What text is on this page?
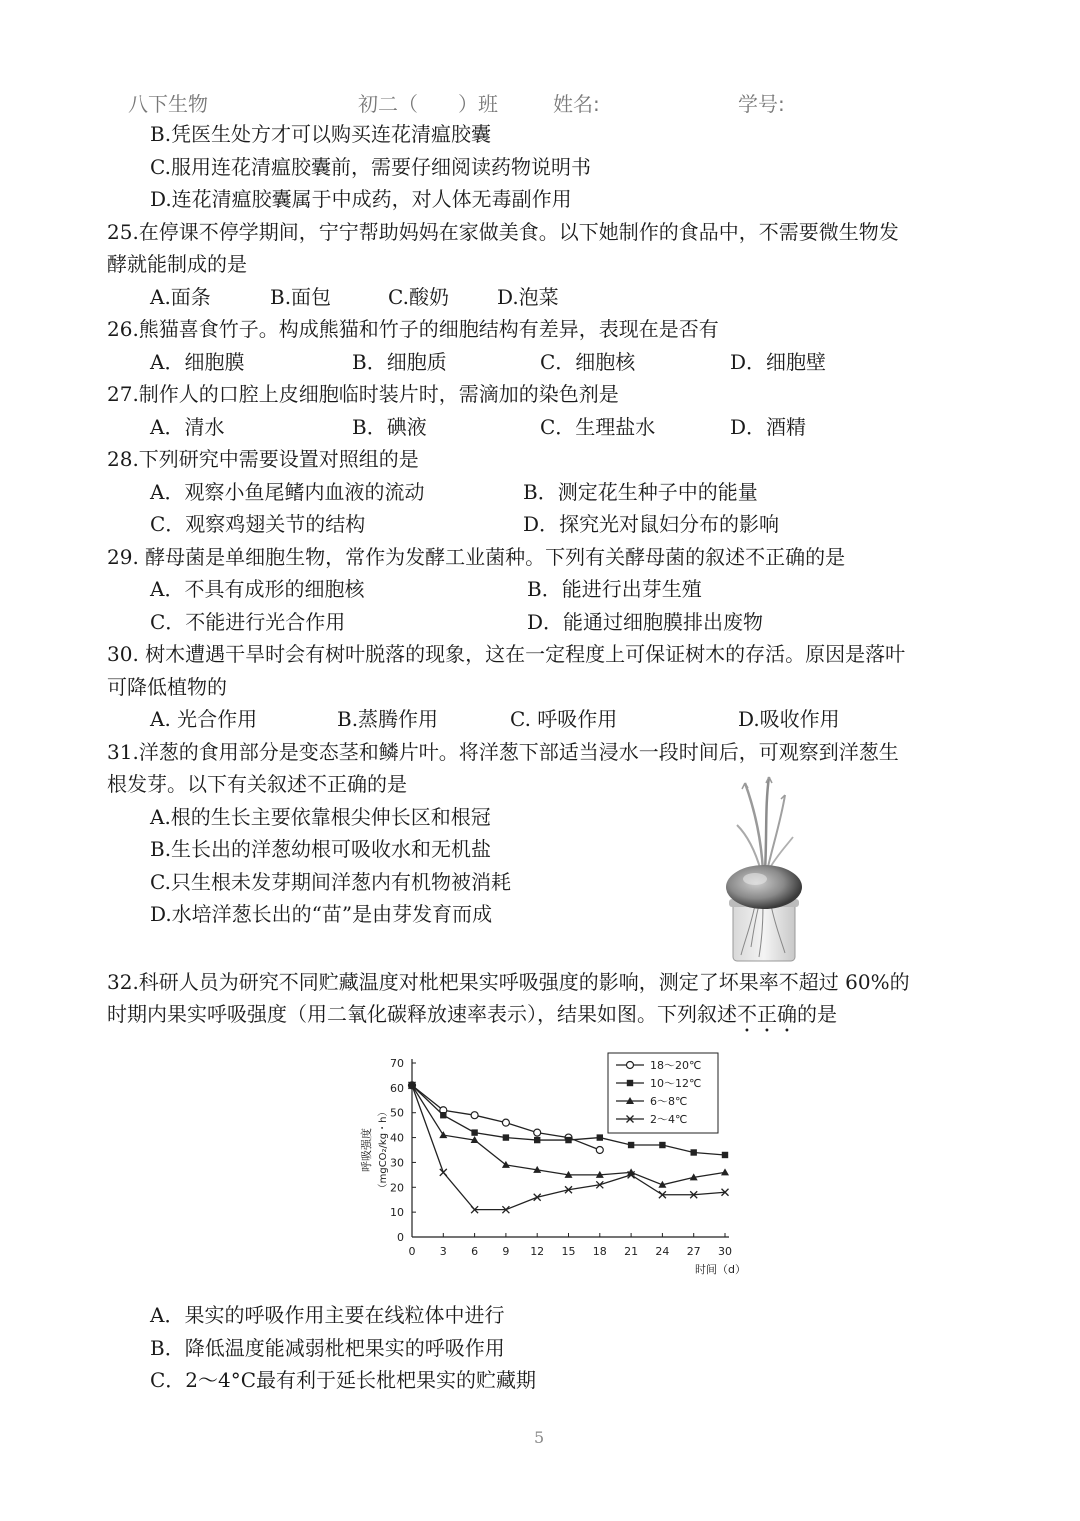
八下生物	初二（　　）班	姓名:	学号:
B.凭医生处方才可以购买连花清瘟胶囊
C.服用连花清瘟胶囊前，需要仔细阅读药物说明书
D.连花清瘟胶囊属于中成药，对人体无毒副作用
25.在停课不停学期间，宁宁帮助妈妈在家做美食。以下她制作的食品中，不需要微生物发
酵就能制成的是
A.面条	B.面包	C.酸奶 D.泡菜
26.熊猫喜食竹子。构成熊猫和竹子的细胞结构有差异，表现在是否有
A．细胞膜	B．细胞质	C．细胞核	D．细胞壁
27.制作人的口腔上皮细胞临时装片时，需滴加的染色剂是
A．清水	B．碘液	C．生理盐水	D．酒精
28.下列研究中需要设置对照组的是
A．观察小鱼尾鳍内血液的流动	B．测定花生种子中的能量
C．观察鸡翅关节的结构	D．探究光对鼠妇分布的影响
29. 酵母菌是单细胞生物，常作为发酵工业菌种。下列有关酵母菌的叙述不正确的是
A．不具有成形的细胞核	B．能进行出芽生殖
C．不能进行光合作用	D．能通过细胞膜排出废物
30. 树木遭遇干旱时会有树叶脱落的现象，这在一定程度上可保证树木的存活。原因是落叶
可降低植物的
A. 光合作用	B.蒸腾作用	C. 呼吸作用	D.吸收作用
31.洋葱的食用部分是变态茎和鳞片叶。将洋葱下部适当浸水一段时间后，可观察到洋葱生
根发芽。以下有关叙述不正确的是
A.根的生长主要依靠根尖伸长区和根冠
B.生长出的洋葱幼根可吸收水和无机盐
C.只生根未发芽期间洋葱内有机物被消耗
D.水培洋葱长出的“苗”是由芽发育而成
32.科研人员为研究不同贮藏温度对枇杷果实呼吸强度的影响，测定了坏果率不超过 60%的
时期内果实呼吸强度（用二氧化碳释放速率表示），结果如图。下列叙述不正确的是
0
10
20
30
40
50
60
70
0 3 6 9 12 15 18 21 24 27 30
18～20℃
10～12℃
6～8℃
2～4℃
呼吸强度 （mgCO₂/kg・h）
时间（d）
A．果实的呼吸作用主要在线粒体中进行
B．降低温度能减弱枇杷果实的呼吸作用
C．2～4°C最有利于延长枇杷果实的贮藏期
5
